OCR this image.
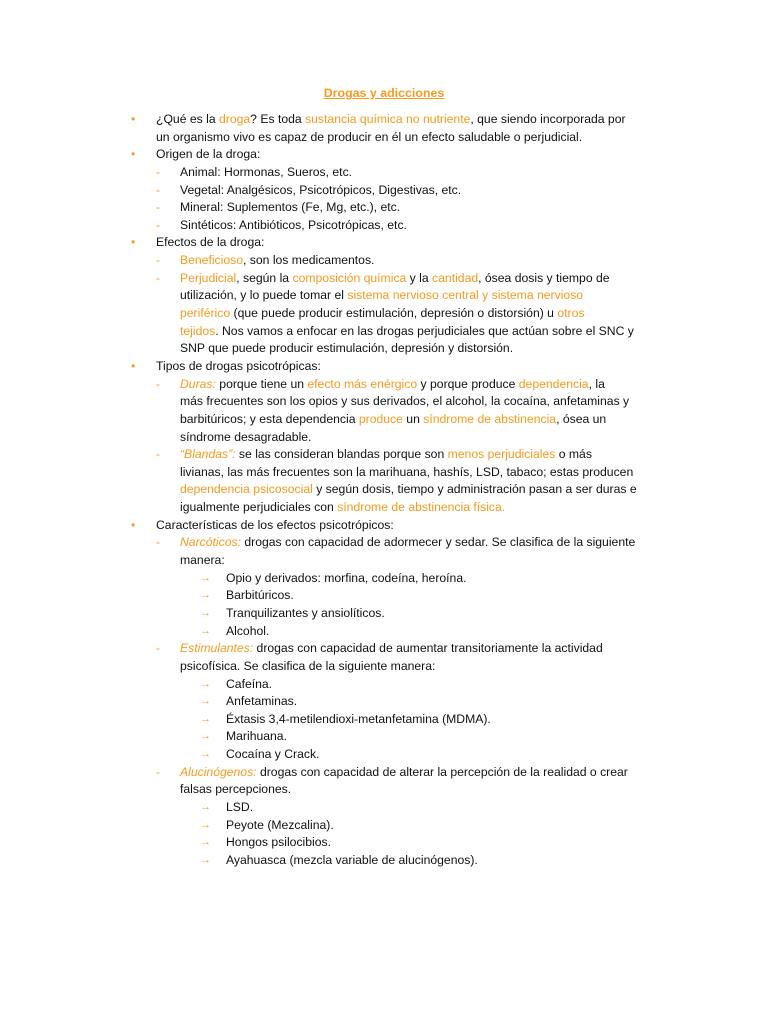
Drogas y adicciones
• ¿Qué es la droga? Es toda sustancia química no nutriente, que siendo incorporada por
un organismo vivo es capaz de producir en él un efecto saludable o perjudicial.
• Origen de la droga:
- Animal: Hormonas, Sueros, etc.
- Vegetal: Analgésicos, Psicotrópicos, Digestivas, etc.
- Mineral: Suplementos (Fe, Mg, etc.), etc.
- Sintéticos: Antibióticos, Psicotrópicas, etc.
• Efectos de la droga:
- Beneficioso, son los medicamentos.
- Perjudicial, según la composición química y la cantidad, ósea dosis y tiempo de
utilización, y lo puede tomar el sistema nervioso central y sistema nervioso
periférico (que puede producir estimulación, depresión o distorsión) u otros
tejidos. Nos vamos a enfocar en las drogas perjudiciales que actúan sobre el SNC y
SNP que puede producir estimulación, depresión y distorsión.
• Tipos de drogas psicotrópicas:
- Duras: porque tiene un efecto más enérgico y porque produce dependencia, la
más frecuentes son los opios y sus derivados, el alcohol, la cocaína, anfetaminas y
barbitúricos; y esta dependencia produce un síndrome de abstinencia, ósea un
síndrome desagradable.
- “Blandas”: se las consideran blandas porque son menos perjudiciales o más
livianas, las más frecuentes son la marihuana, hashís, LSD, tabaco; estas producen
dependencia psicosocial y según dosis, tiempo y administración pasan a ser duras e
igualmente perjudiciales con síndrome de abstinencia física.
• Características de los efectos psicotrópicos:
- Narcóticos: drogas con capacidad de adormecer y sedar. Se clasifica de la siguiente
manera:
→ Opio y derivados: morfina, codeína, heroína.
→ Barbitúricos.
→ Tranquilizantes y ansiolíticos.
→ Alcohol.
- Estimulantes: drogas con capacidad de aumentar transitoriamente la actividad
psicofísica. Se clasifica de la siguiente manera:
→ Cafeína.
→ Anfetaminas.
→ Éxtasis 3,4-metilendioxi-metanfetamina (MDMA).
→ Marihuana.
→ Cocaína y Crack.
- Alucinógenos: drogas con capacidad de alterar la percepción de la realidad o crear
falsas percepciones.
→ LSD.
→ Peyote (Mezcalina).
→ Hongos psilocibios.
→ Ayahuasca (mezcla variable de alucinógenos).
